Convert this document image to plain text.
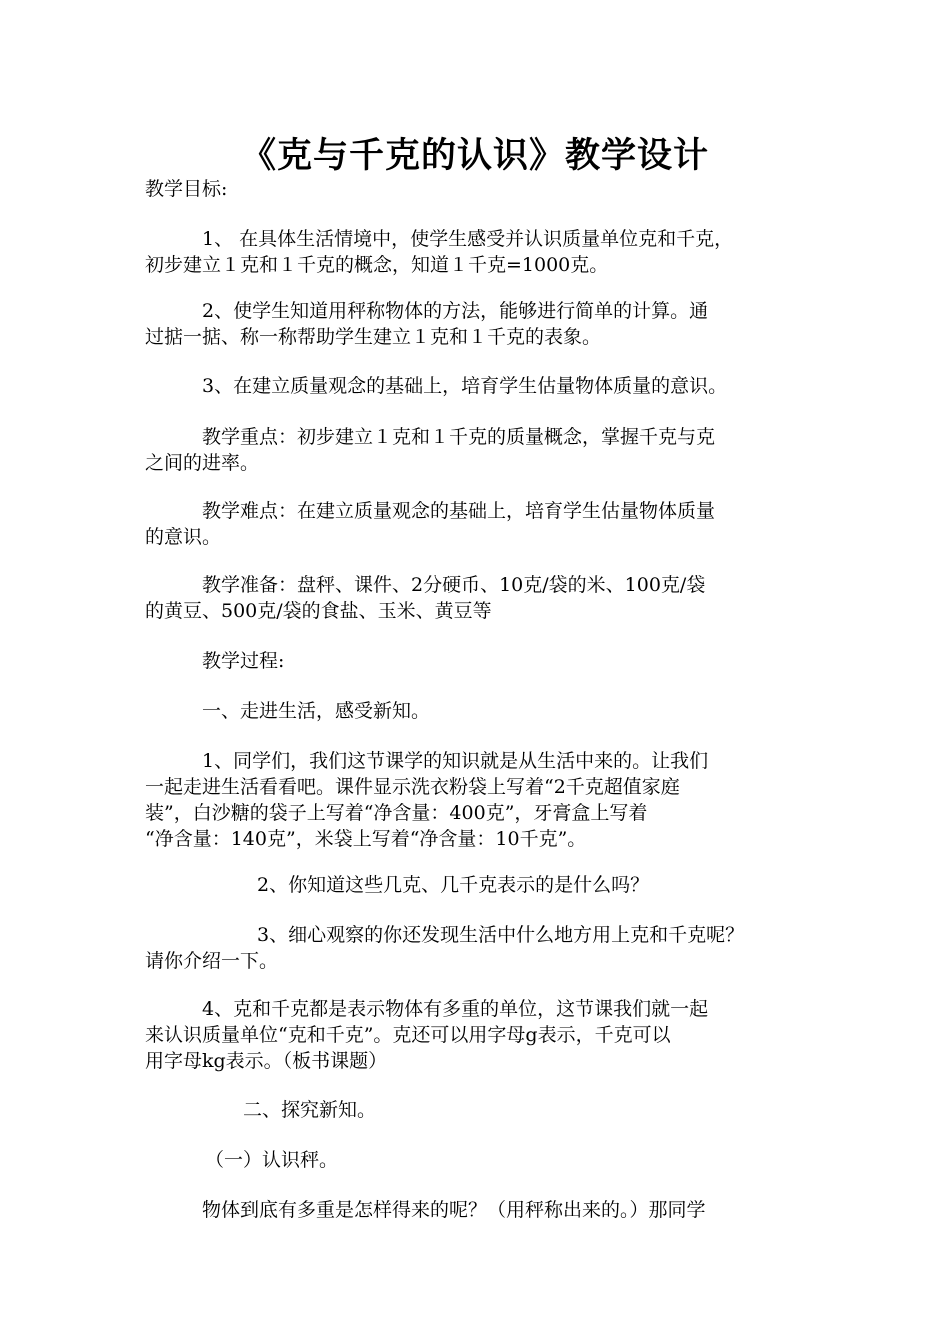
《克与千克的认识》教学设计
教学目标:
1、 在具体生活情境中，使学生感受并认识质量单位克和千克，
初步建立１克和１千克的概念，知道１千克=1000克。
2、使学生知道用秤称物体的方法，能够进行简单的计算。通
过掂一掂、称一称帮助学生建立１克和１千克的表象。
3、在建立质量观念的基础上，培育学生估量物体质量的意识。
教学重点：初步建立１克和１千克的质量概念，掌握千克与克
之间的进率。
教学难点：在建立质量观念的基础上，培育学生估量物体质量
的意识。
教学准备：盘秤、课件、2分硬币、10克/袋的米、100克/袋
的黄豆、500克/袋的食盐、玉米、黄豆等
教学过程:
一、走进生活，感受新知。
1、同学们，我们这节课学的知识就是从生活中来的。让我们
一起走进生活看看吧。课件显示洗衣粉袋上写着“2千克超值家庭
装”，白沙糖的袋子上写着“净含量：400克”，牙膏盒上写着
“净含量：140克”，米袋上写着“净含量：10千克”。
2、你知道这些几克、几千克表示的是什么吗？
3、细心观察的你还发现生活中什么地方用上克和千克呢？
请你介绍一下。
4、克和千克都是表示物体有多重的单位，这节课我们就一起
来认识质量单位“克和千克”。克还可以用字母g表示，千克可以
用字母kg表示。（板书课题）
二、探究新知。
（一）认识秤。
物体到底有多重是怎样得来的呢？（用秤称出来的。）那同学
